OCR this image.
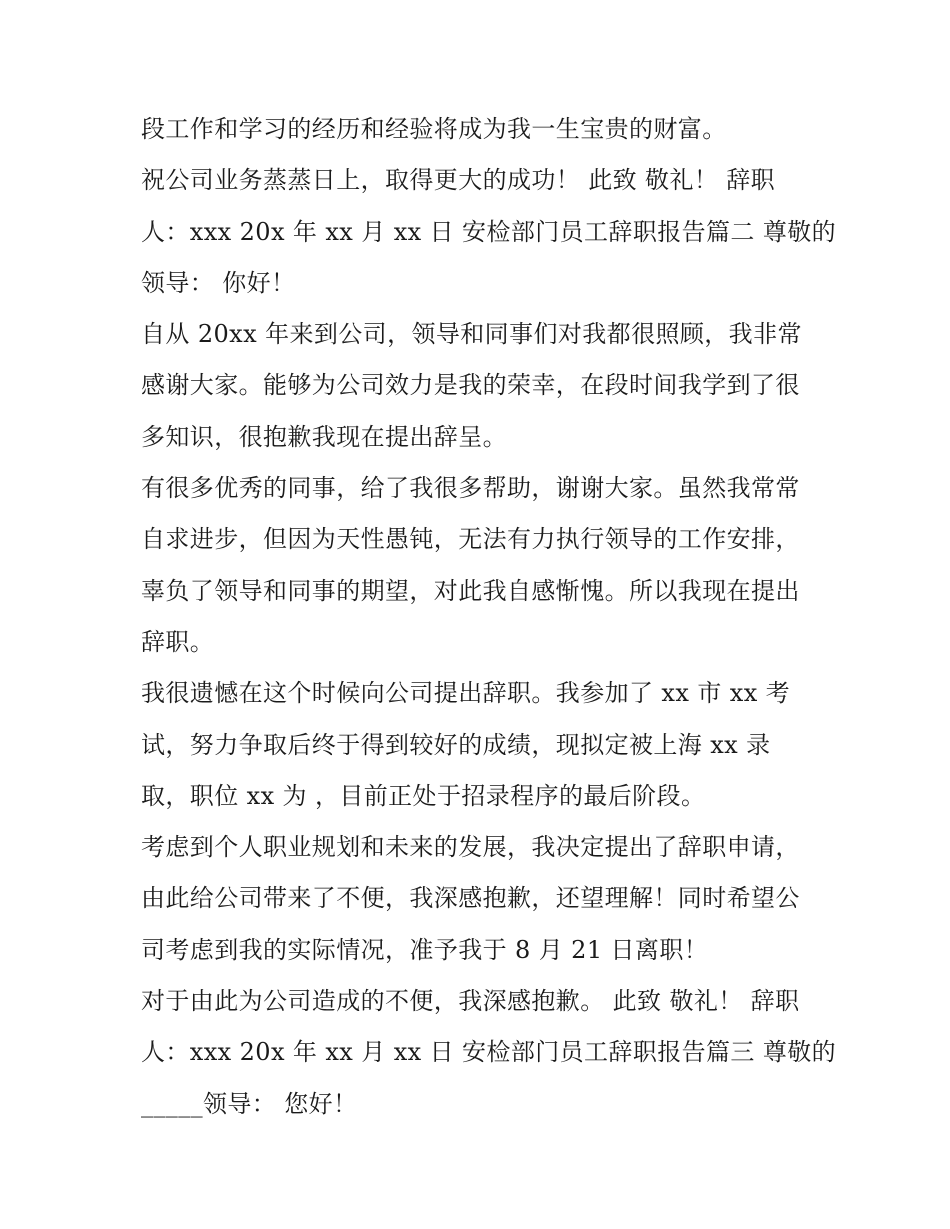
段工作和学习的经历和经验将成为我一生宝贵的财富。
祝公司业务蒸蒸日上，取得更大的成功！ 此致 敬礼！ 辞职
人：xxx 20x 年 xx 月 xx 日 安检部门员工辞职报告篇二 尊敬的
领导： 你好！
自从 20xx 年来到公司，领导和同事们对我都很照顾，我非常
感谢大家。能够为公司效力是我的荣幸，在段时间我学到了很
多知识，很抱歉我现在提出辞呈。
有很多优秀的同事，给了我很多帮助，谢谢大家。虽然我常常
自求进步，但因为天性愚钝，无法有力执行领导的工作安排，
辜负了领导和同事的期望，对此我自感惭愧。所以我现在提出
辞职。
我很遗憾在这个时候向公司提出辞职。我参加了 xx 市 xx 考
试，努力争取后终于得到较好的成绩，现拟定被上海 xx 录
取，职位 xx 为 ，目前正处于招录程序的最后阶段。
考虑到个人职业规划和未来的发展，我决定提出了辞职申请，
由此给公司带来了不便，我深感抱歉，还望理解！同时希望公
司考虑到我的实际情况，准予我于 8 月 21 日离职！
对于由此为公司造成的不便，我深感抱歉。 此致 敬礼！ 辞职
人：xxx 20x 年 xx 月 xx 日 安检部门员工辞职报告篇三 尊敬的
_____领导： 您好！
